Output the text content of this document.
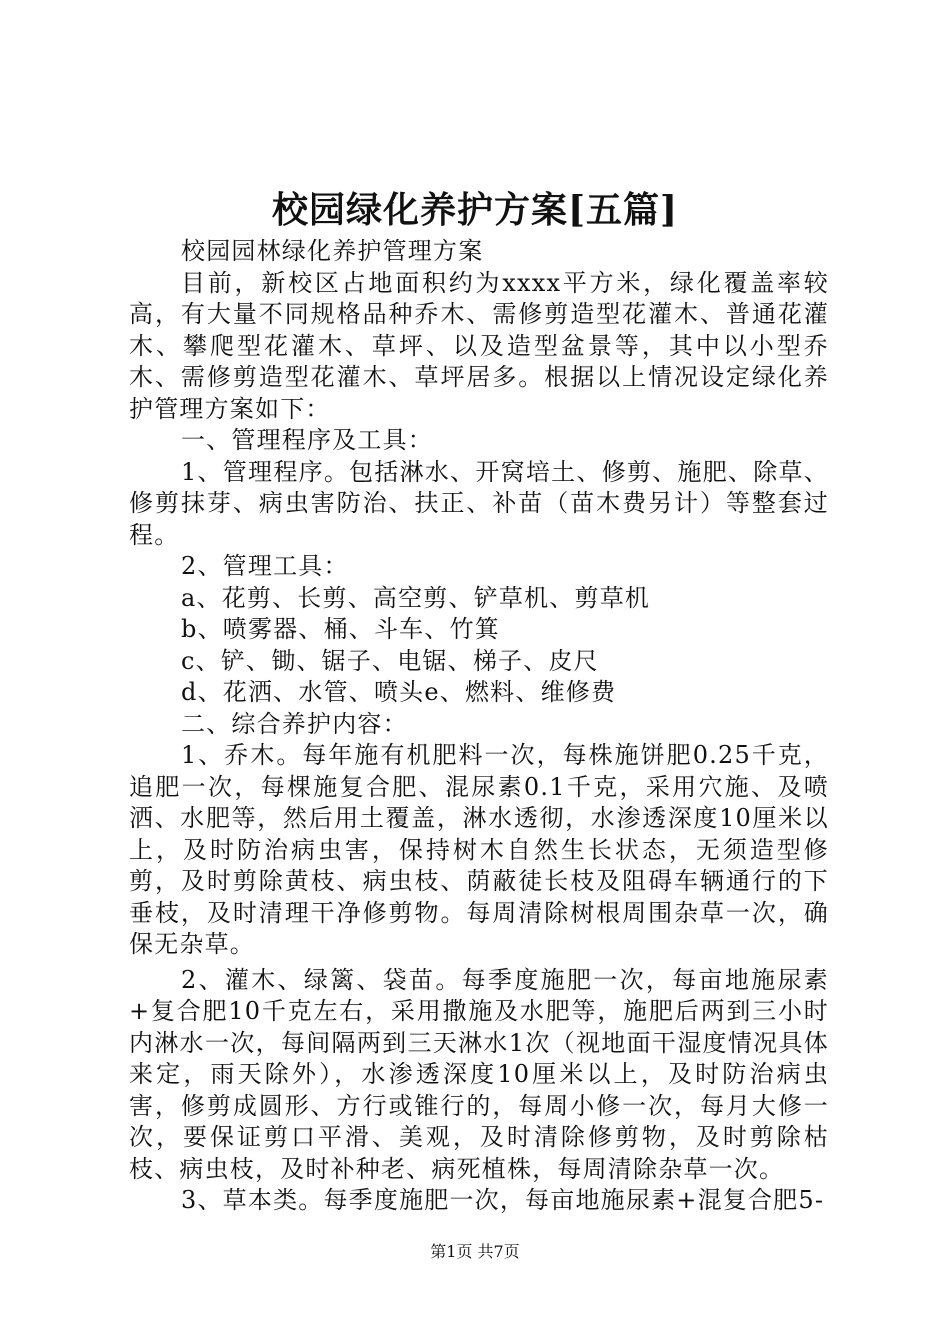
校园绿化养护方案[五篇]

校园园林绿化养护管理方案

目前，新校区占地面积约为xxxx平方米，绿化覆盖率较高，有大量不同规格品种乔木、需修剪造型花灌木、普通花灌木、攀爬型花灌木、草坪、以及造型盆景等，其中以小型乔木、需修剪造型花灌木、草坪居多。根据以上情况设定绿化养护管理方案如下：

一、管理程序及工具：

1、管理程序。包括淋水、开窝培土、修剪、施肥、除草、修剪抹芽、病虫害防治、扶正、补苗（苗木费另计）等整套过程。

2、管理工具：

a、花剪、长剪、高空剪、铲草机、剪草机

b、喷雾器、桶、斗车、竹箕

c、铲、锄、锯子、电锯、梯子、皮尺

d、花洒、水管、喷头e、燃料、维修费

二、综合养护内容：

1、乔木。每年施有机肥料一次，每株施饼肥0.25千克，追肥一次，每棵施复合肥、混尿素0.1千克，采用穴施、及喷洒、水肥等，然后用土覆盖，淋水透彻，水渗透深度10厘米以上，及时防治病虫害，保持树木自然生长状态，无须造型修剪，及时剪除黄枝、病虫枝、荫蔽徒长枝及阻碍车辆通行的下垂枝，及时清理干净修剪物。每周清除树根周围杂草一次，确保无杂草。

2、灌木、绿篱、袋苗。每季度施肥一次，每亩地施尿素+复合肥10千克左右，采用撒施及水肥等，施肥后两到三小时内淋水一次，每间隔两到三天淋水1次（视地面干湿度情况具体来定，雨天除外），水渗透深度10厘米以上，及时防治病虫害，修剪成圆形、方行或锥行的，每周小修一次，每月大修一次，要保证剪口平滑、美观，及时清除修剪物，及时剪除枯枝、病虫枝，及时补种老、病死植株，每周清除杂草一次。

3、草本类。每季度施肥一次，每亩地施尿素+混复合肥5-

第1页 共7页
